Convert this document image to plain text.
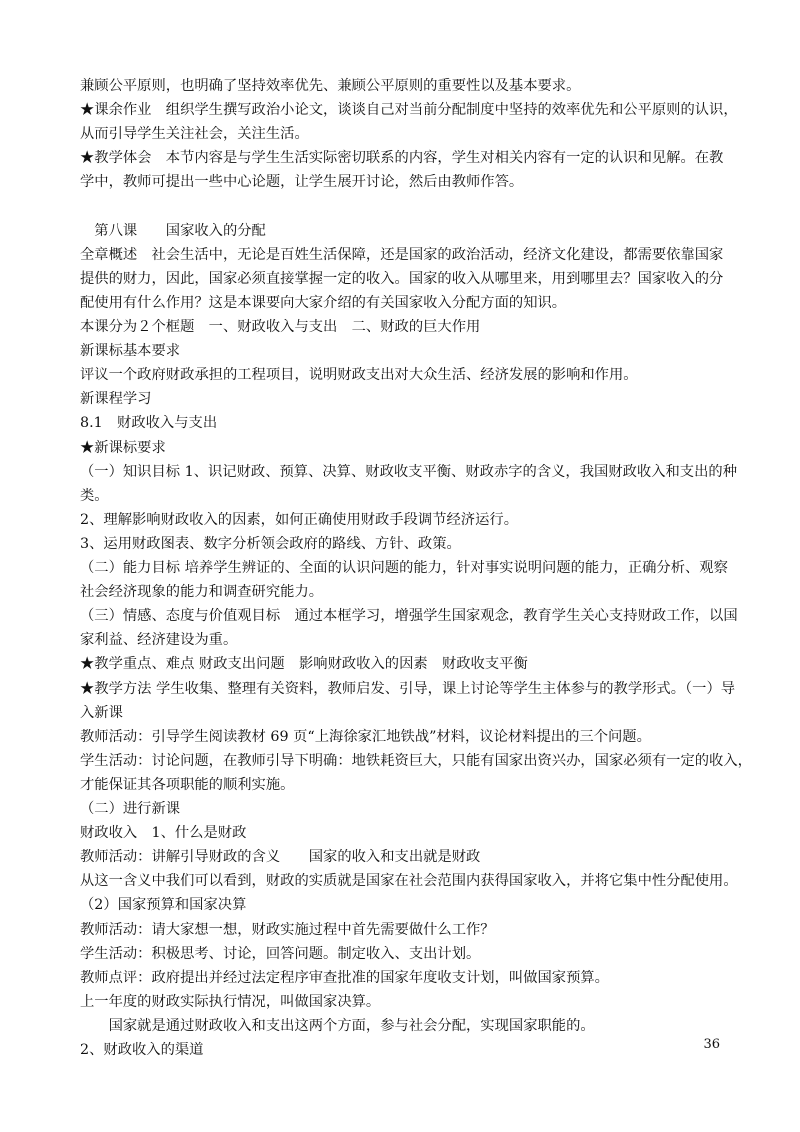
兼顾公平原则，也明确了坚持效率优先、兼顾公平原则的重要性以及基本要求。
★课余作业　组织学生撰写政治小论文，谈谈自己对当前分配制度中坚持的效率优先和公平原则的认识，
从而引导学生关注社会，关注生活。
★教学体会　本节内容是与学生生活实际密切联系的内容，学生对相关内容有一定的认识和见解。在教
学中，教师可提出一些中心论题，让学生展开讨论，然后由教师作答。
　第八课　　国家收入的分配
全章概述　社会生活中，无论是百姓生活保障，还是国家的政治活动，经济文化建设，都需要依靠国家
提供的财力，因此，国家必须直接掌握一定的收入。国家的收入从哪里来，用到哪里去？国家收入的分
配使用有什么作用？这是本课要向大家介绍的有关国家收入分配方面的知识。
本课分为２个框题　一、财政收入与支出　二、财政的巨大作用
新课标基本要求
评议一个政府财政承担的工程项目，说明财政支出对大众生活、经济发展的影响和作用。
新课程学习
8.1　财政收入与支出
★新课标要求
（一）知识目标 1、识记财政、预算、决算、财政收支平衡、财政赤字的含义，我国财政收入和支出的种
类。
2、理解影响财政收入的因素，如何正确使用财政手段调节经济运行。
3、运用财政图表、数字分析领会政府的路线、方针、政策。
（二）能力目标 培养学生辨证的、全面的认识问题的能力，针对事实说明问题的能力，正确分析、观察
社会经济现象的能力和调查研究能力。
（三）情感、态度与价值观目标　通过本框学习，增强学生国家观念，教育学生关心支持财政工作，以国
家利益、经济建设为重。
★教学重点、难点 财政支出问题　影响财政收入的因素　财政收支平衡
★教学方法 学生收集、整理有关资料，教师启发、引导，课上讨论等学生主体参与的教学形式。（一）导
入新课
教师活动：引导学生阅读教材 69 页“上海徐家汇地铁战”材料，议论材料提出的三个问题。
学生活动：讨论问题，在教师引导下明确：地铁耗资巨大，只能有国家出资兴办，国家必须有一定的收入，
才能保证其各项职能的顺利实施。
（二）进行新课
财政收入　1、什么是财政
教师活动：讲解引导财政的含义　　国家的收入和支出就是财政
从这一含义中我们可以看到，财政的实质就是国家在社会范围内获得国家收入，并将它集中性分配使用。
（2）国家预算和国家决算
教师活动：请大家想一想，财政实施过程中首先需要做什么工作？
学生活动：积极思考、讨论，回答问题。制定收入、支出计划。
教师点评：政府提出并经过法定程序审查批准的国家年度收支计划，叫做国家预算。
上一年度的财政实际执行情况，叫做国家决算。
　　国家就是通过财政收入和支出这两个方面，参与社会分配，实现国家职能的。
2、财政收入的渠道	36
